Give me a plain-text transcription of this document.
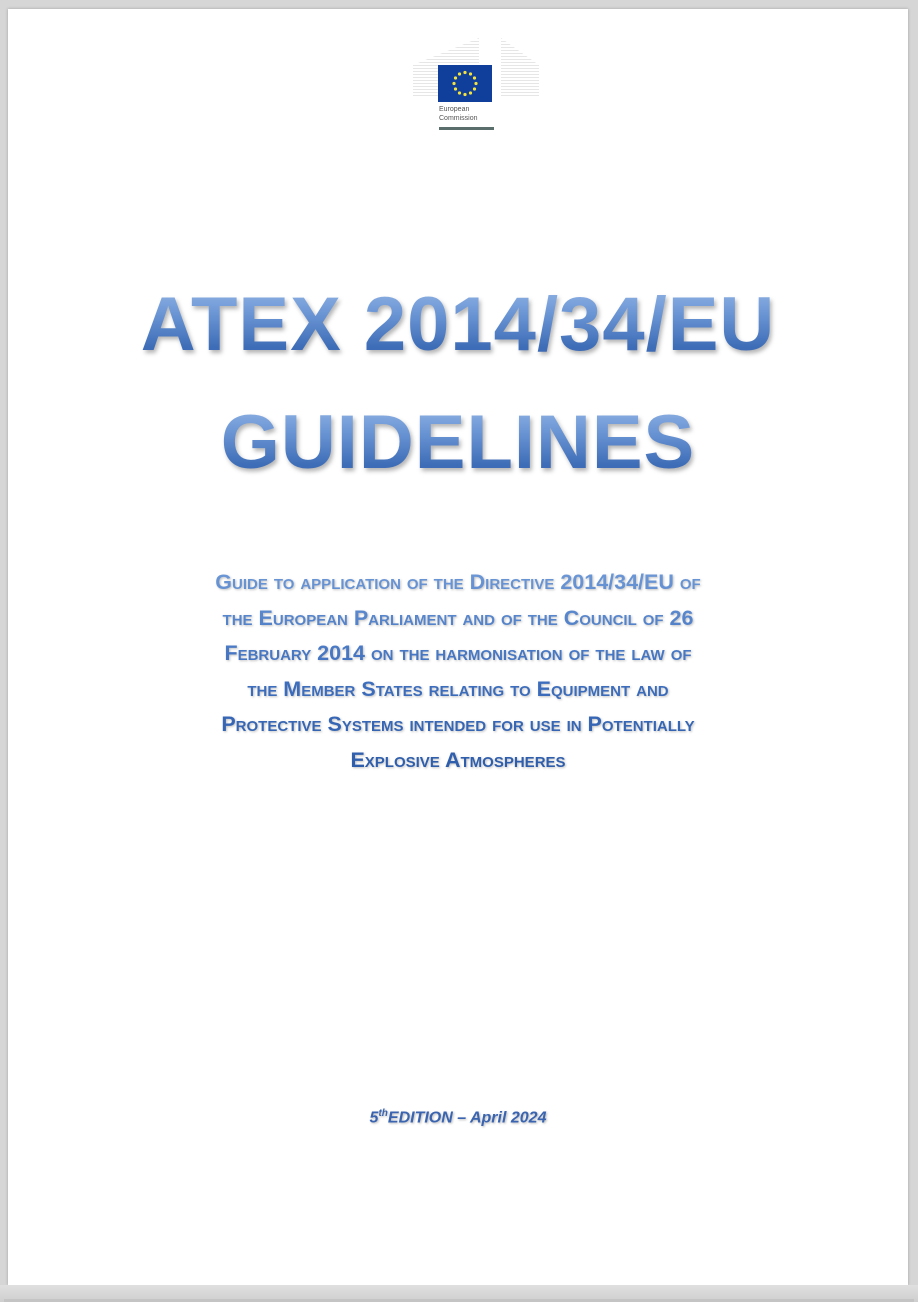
European
Commission
ATEX 2014/34/EU
GUIDELINES
Guide to application of the Directive 2014/34/EU of
the European Parliament and of the Council of 26
February 2014 on the harmonisation of the law of
the Member States relating to Equipment and
Protective Systems intended for use in Potentially
Explosive Atmospheres
5thEDITION – April 2024
